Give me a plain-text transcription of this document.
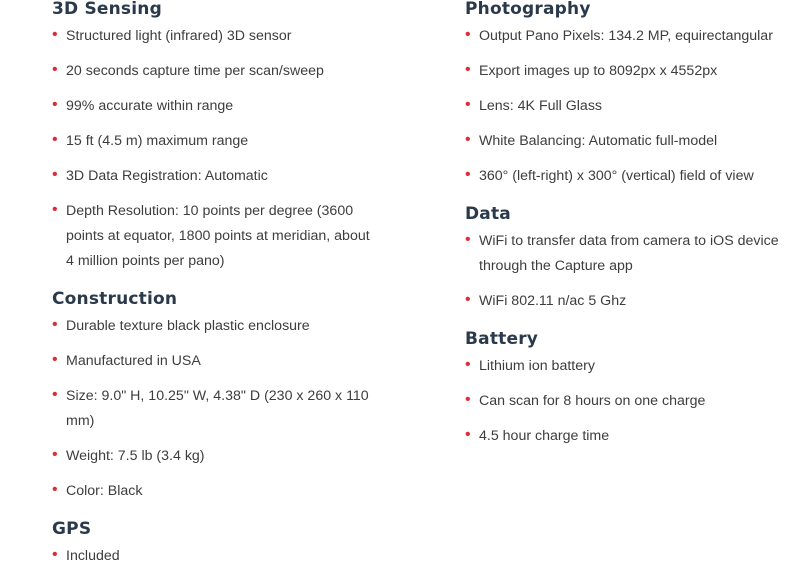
3D Sensing
• Structured light (infrared) 3D sensor
• 20 seconds capture time per scan/sweep
• 99% accurate within range
• 15 ft (4.5 m) maximum range
• 3D Data Registration: Automatic
• Depth Resolution: 10 points per degree (3600 points at equator, 1800 points at meridian, about 4 million points per pano)
Construction
• Durable texture black plastic enclosure
• Manufactured in USA
• Size: 9.0" H, 10.25" W, 4.38" D (230 x 260 x 110 mm)
• Weight: 7.5 lb (3.4 kg)
• Color: Black
GPS
• Included
Photography
• Output Pano Pixels: 134.2 MP, equirectangular
• Export images up to 8092px x 4552px
• Lens: 4K Full Glass
• White Balancing: Automatic full-model
• 360° (left-right) x 300° (vertical) field of view
Data
• WiFi to transfer data from camera to iOS device through the Capture app
• WiFi 802.11 n/ac 5 Ghz
Battery
• Lithium ion battery
• Can scan for 8 hours on one charge
• 4.5 hour charge time
